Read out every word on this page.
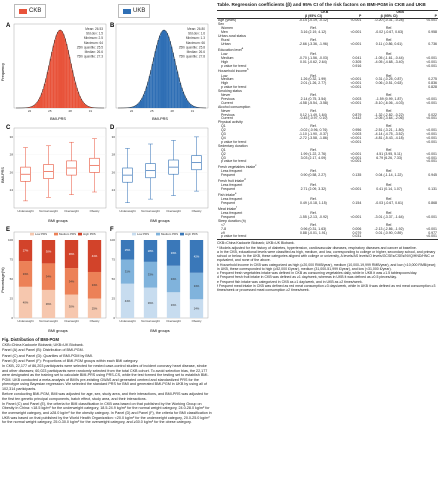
CKB	UKB
A	B
C	D
E	F
Frequency
BMI-PRS	BMI-PRS
BMI-PRS
BMI groups	BMI groups
Percentage(%)
BMI groups	BMI groups
Mean: 26.53
Std.dev: 1.5
Minimum: 2.5
Maximum: 64
25th quantile: 25.5
Median: 26.6
75th quantile: 27.3
22	25	28	31
Mean: 26.80
Std.dev: 1.6
Minimum: 1.3
Maximum: 66
25th quantile: 25.8
Median: 26.6
75th quantile: 27.8
22	25	28	31
24
26
28
30
Underweight Normal weight Overweight	Obesity
24
26
28
30
Underweight Normal weight Overweight	Obesity
Low PRS	Medium PRS High PRS
0
25
50
75
100
40%
33%
27%
Underweight
36%
34%
30%
Normal weight
30%
34%
36%
Overweight
25%
34%
41%
Obesity
Low PRS	Medium PRS High PRS
0
25
50
75
100
44%
31%
25%
Underweight
39%
33%
28%
Normal weight
33%
34%
33%
Overweight
24%
34%
42%
Obesity

Fig. Distribution of BMI-PGM

CKB=China Kadoorie Biobank; UKB=UK Biobank.

Panel (A) and Panel (B): Distribution of BMI-PGM.

Panel (C) and Panel (D): Quartiles of BMI-PGM by BMI.

Panel (E) and Panel (F): Proportions of BMI-PGM groups within each BMI category.

In CKB, 22,177 of 86,203 participants were selected for nested case-control studies of incident coronary heart disease, stroke and other diseases; 60,023 participants were randomly selected from the total CKB cohort. To avoid selection bias, the 22,177 were designated as the training set to calculate BMI-PRS using PRS-CS, while the test formed the testing set to establish BMI-PGM. UKB conducted a meta-analysis of BMI's pre-existing GWAS and generated centred and standardized PRS for the phenotype using Bayesian regression. We selected the standard PRS for BMI and generated BMI-PGM in UKB by using all of 102,314 participants.

Before conducting BMI-PGM, BMI was adjusted for age, sex, study area, and their interactions, and BMI-PRS was adjusted for the first ten genetic principal components, batch effect, study area, and their interactions.

In Panel (C) and Panel (E), the criteria for BMI classification in CKB was based on that published by the Working Group on Obesity in China: <18.5 kg/m² for the underweight category, 18.5-24.9 kg/m² for the normal weight category, 24.0-28.0 kg/m² for the overweight category, and ≥28.0 kg/m² for the obesity category. In Panel (D) and Panel (F), the criteria for BMI classification in UKB was based on that published by the World Health Organization: <20.0 kg/m² for the underweight category, 20.0-25.0 kg/m² for the normal weight category, 25.0-30.0 kg/m² for the overweight category, and ≥30.0 kg/m² for the obese category.

Table. Regression coefficients (β) and 95% CI of the risk factors on BMI-PGM in CKB and UKB
	CKB		UKB	
	β (95% CI)	P	β (95% CI)	P
Age (years)	-0.14 (-0.19, -0.12)	<0.001	-0.20 (-0.31, -0.28)	<0.001
Sex				
Women	Ref.		Ref.	
Men	3.16 (2.19, 4.12)	<0.001	-0.02 (-0.67, 0.63)	0.958
Urban-rural status				
Rural	Ref.		Ref.	
Urban	-2.66 (-3.36, -1.96)	<0.001	0.11 (-0.86, 0.61)	0.736
Education level$^a$				
Low	Ref.		Ref.	
Medium	-0.70 (-1.56, -0.03)	0.041	-1.05 (-1.61, -0.44)	<0.001
High	0.01 (-0.62, 2.64)	0.305	-4.05 (-4.68, -3.40)	<0.001
p value for trend		0.916		<0.001
Household income$^b$				
Low	Ref.		Ref.	
Medium	1.26 (0.32, 1.99)	<0.001	0.31 (-0.25, 0.87)	0.275
High	2.01 (1.26, 2.77)	<0.001	0.06 (-0.51, 0.63)	0.836
p value for trend		<0.001		0.828
Smoking status				
Never	Ref.		Ref.	
Previous	2.14 (0.75, 3.54)	0.003	-1.59 (0.99, 1.87)	<0.001
Current	-4.58 (-5.54, -3.58)	<0.001	-5.10 (-6.06, -4.03)	<0.001
Alcohol consumption				
Never	Ref.		Ref.	
Previous	0.12 (-1.49, 1.64)	0.879	-1.32 (-2.82, -0.22)	0.022
Current	-0.45 (-0.97, 0.10)	0.442	-2.05 (-3.64, -2.06)	<0.001
Physical activity				
Q1	Ref.		Ref.	
Q2	-0.02 (-0.96, 0.76)	0.956	-2.51 (-3.21, -1.80)	<0.001
Q3	-1.10 (-1.90, -0.37)	0.003	-4.14 (-4.75, -3.52)	<0.001
Q4	-2.72 (-3.58, -1.86)	<0.001	-4.81 (-5.43, -4.18)	<0.001
p value for trend		<0.001		<0.001
Sedentary duration				
Q1	Ref.		Ref.	
Q2	1.99 (1.22, 2.76)	<0.001	4.51 (3.95, 5.11)	<0.001
Q3	3.03 (2.17, 4.09)	<0.001	6.79 (6.26, 7.33)	<0.001
p value for trend		<0.001		<0.001
Fresh vegetables intake$^c$				
Less frequent	Ref.		Ref.	
Frequent	0.90 (0.58, 2.27)	0.135	0.04 (-1.14, 1.22)	0.945
Fresh fruit intake$^d$				
Less frequent	Ref.		Ref.	
Frequent	2.71 (2.09, 3.32)	<0.001	0.41 (0.14, 1.07)	0.131
Fish intake$^e$				
Less frequent	Ref.		Ref.	
Frequent	0.49 (-0.18, 1.15)	0.154	-0.03 (-0.67, 0.61)	0.868
Meat intake$^f$				
Less frequent	Ref.		Ref.	
Frequent	-1.55 (-2.13, -0.92)	<0.001	-3.01 (-3.37, -1.64)	<0.001
Sleep duration (h)				
<7	Ref.		Ref.	
7-8	0.96 (0.31, 1.63)	0.006	-2.13 (-2.86, -1.92)	<0.001
≥9	0.88 (-0.01, 1.91)	0.079	0.01 (-0.90, 0.89)	0.977
p value for trend		0.031		<0.001

CKB=China Kadoorie Biobank; UKB=UK Biobank.

* Models adjusted for the history of diabetes, hypertension, cardiovascular diseases, respiratory diseases and cancer at baseline.

a In the CKB, educational levels were classified as high, medium, and low, corresponding to college or higher, secondary school, and primary school or below. In the UKB, these categories aligned with college or university, A levels/AS levels/O levels/GCSEs/CSEs/NVQ/HND/HNC or equivalent, and none of the above.

b Household income in CKB was categorized as high (≥20,000 RMB/year), medium (10,000-19,999 RMB/year), and low (<10,000 RMB/year); in UKB, these corresponded to high (≥52,000 £/year), medium (31,000-51,999 £/year), and low (<31,000 £/year).

c Frequent fresh vegetables intake was defined in CKB as consuming vegetables daily, while in UKB it was ≥1.5 tablespoons/day.

d Frequent fresh fruit intake in CKB was defined as ≥1 day/week, whereas in UKB it was defined as ≥0.5 pieces/day.

e Frequent fish intake was categorized in CKB as ≥1 day/week, and in UKB as ≥2 times/week.

f Frequent meat intake in CKB was defined as red meat consumption ≥3 days/week, while in UKB it was defined as red meat consumption ≥3 times/week or processed meat consumption ≥2 times/week.
